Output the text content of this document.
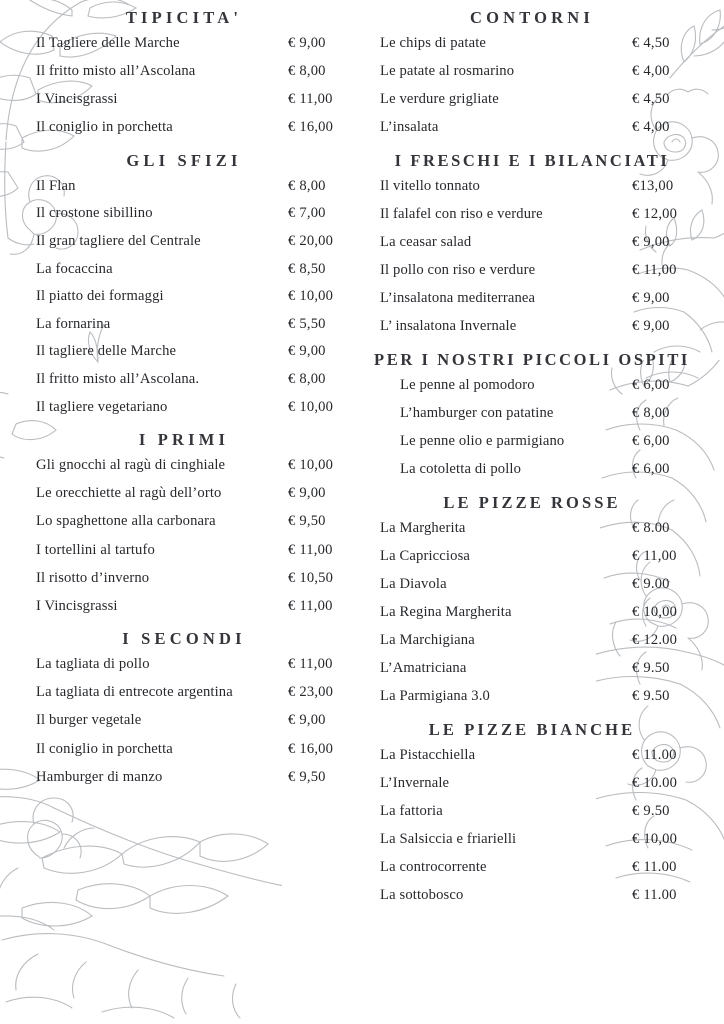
TIPICITA'
Il Tagliere delle Marche	€ 9,00
Il fritto misto all’Ascolana	€ 8,00
I Vincisgrassi	€ 11,00
Il coniglio in porchetta	€ 16,00
GLI SFIZI
Il Flan	€ 8,00
Il crostone sibillino	€ 7,00
Il gran tagliere del Centrale	€ 20,00
La focaccina	€ 8,50
Il piatto dei formaggi	€ 10,00
La fornarina	€ 5,50
Il tagliere delle Marche	€ 9,00
Il fritto misto all’Ascolana.	€ 8,00
Il tagliere vegetariano	€ 10,00
I PRIMI
Gli gnocchi al ragù di cinghiale	€ 10,00
Le orecchiette al ragù dell’orto	€ 9,00
Lo spaghettone alla carbonara	€ 9,50
I tortellini al tartufo	€ 11,00
Il risotto d’inverno	€ 10,50
I Vincisgrassi	€ 11,00
I SECONDI
La tagliata di pollo	€ 11,00
La tagliata di entrecote argentina	€ 23,00
Il burger vegetale	€ 9,00
Il coniglio in porchetta	€ 16,00
Hamburger di manzo	€ 9,50
CONTORNI
Le chips di patate	€ 4,50
Le patate al rosmarino	€ 4,00
Le verdure grigliate	€ 4,50
L’insalata	€ 4,00
I FRESCHI E I BILANCIATI
Il vitello tonnato	€13,00
Il falafel con riso e verdure	€ 12,00
La ceasar salad	€ 9,00
Il pollo con riso e verdure	€ 11,00
L’insalatona mediterranea	€ 9,00
L’ insalatona Invernale	€ 9,00
PER I NOSTRI PICCOLI OSPITI
Le penne al pomodoro	€ 6,00
L’hamburger con patatine	€ 8,00
Le penne olio e parmigiano	€ 6,00
La cotoletta di pollo	€ 6,00
LE PIZZE ROSSE
La Margherita	€ 8.00
La Capricciosa	€ 11,00
La Diavola	€ 9.00
La Regina Margherita	€ 10,00
La Marchigiana	€ 12.00
L’Amatriciana	€ 9.50
La Parmigiana 3.0	€ 9.50
LE PIZZE BIANCHE
La Pistacchiella	€ 11.00
L’Invernale	€ 10.00
La fattoria	€ 9.50
La Salsiccia e friarielli	€ 10,00
La controcorrente	€ 11.00
La sottobosco	€ 11.00
